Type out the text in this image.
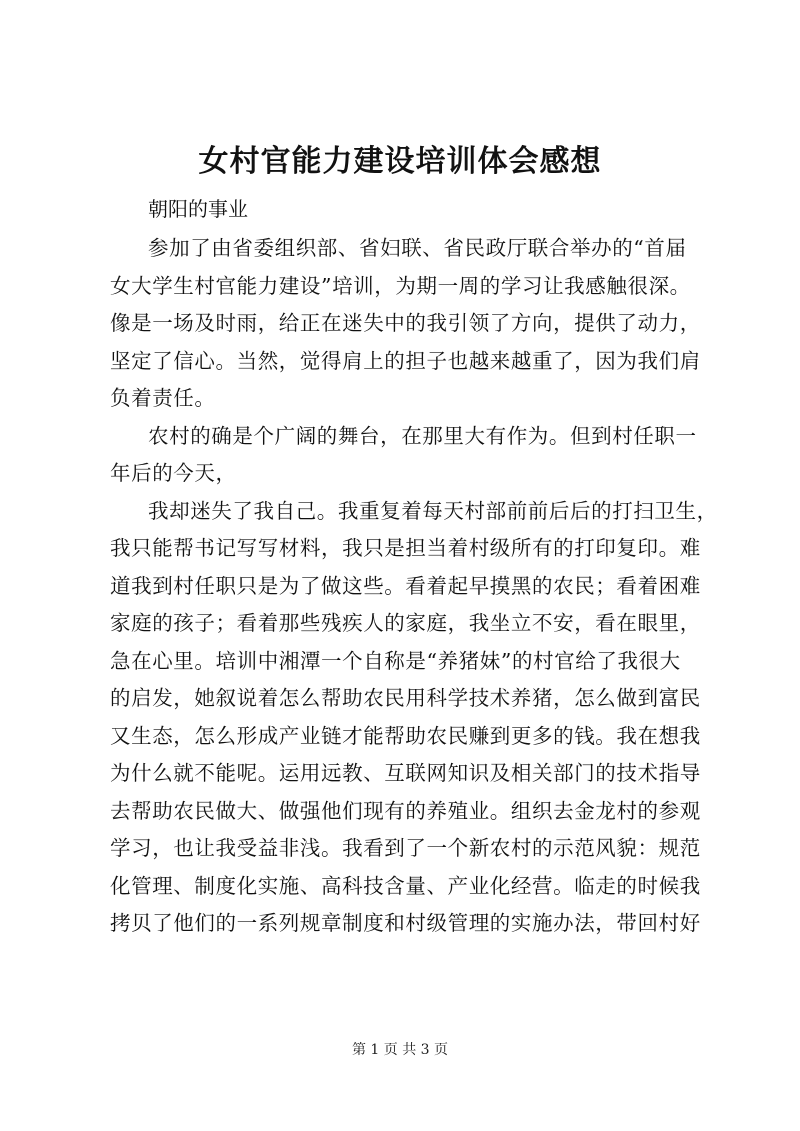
女村官能力建设培训体会感想

朝阳的事业

参加了由省委组织部、省妇联、省民政厅联合举办的“首届
女大学生村官能力建设”培训，为期一周的学习让我感触很深。
像是一场及时雨，给正在迷失中的我引领了方向，提供了动力，
坚定了信心。当然，觉得肩上的担子也越来越重了，因为我们肩
负着责任。
农村的确是个广阔的舞台，在那里大有作为。但到村任职一
年后的今天，
我却迷失了我自己。我重复着每天村部前前后后的打扫卫生，
我只能帮书记写写材料，我只是担当着村级所有的打印复印。难
道我到村任职只是为了做这些。看着起早摸黑的农民；看着困难
家庭的孩子；看着那些残疾人的家庭，我坐立不安，看在眼里，
急在心里。培训中湘潭一个自称是“养猪妹”的村官给了我很大
的启发，她叙说着怎么帮助农民用科学技术养猪，怎么做到富民
又生态，怎么形成产业链才能帮助农民赚到更多的钱。我在想我
为什么就不能呢。运用远教、互联网知识及相关部门的技术指导
去帮助农民做大、做强他们现有的养殖业。组织去金龙村的参观
学习，也让我受益非浅。我看到了一个新农村的示范风貌：规范
化管理、制度化实施、高科技含量、产业化经营。临走的时候我
拷贝了他们的一系列规章制度和村级管理的实施办法，带回村好
第 1 页 共 3 页
